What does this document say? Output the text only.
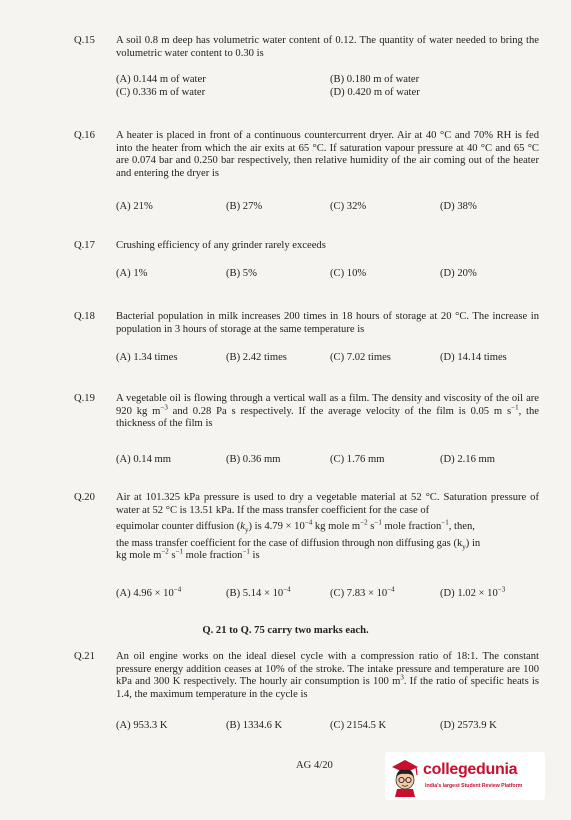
Q.15	A soil 0.8 m deep has volumetric water content of 0.12. The quantity of water needed to bring the volumetric water content to 0.30 is
(A) 0.144 m of water	(B) 0.180 m of water
(C) 0.336 m of water	(D) 0.420 m of water
Q.16	A heater is placed in front of a continuous countercurrent dryer. Air at 40 °C and 70% RH is fed into the heater from which the air exits at 65 °C. If saturation vapour pressure at 40 °C and 65 °C are 0.074 bar and 0.250 bar respectively, then relative humidity of the air coming out of the heater and entering the dryer is
(A) 21%	(B) 27%	(C) 32%	(D) 38%
Q.17	Crushing efficiency of any grinder rarely exceeds
(A) 1%	(B) 5%	(C) 10%	(D) 20%
Q.18	Bacterial population in milk increases 200 times in 18 hours of storage at 20 °C. The increase in population in 3 hours of storage at the same temperature is
(A) 1.34 times	(B) 2.42 times	(C) 7.02 times	(D) 14.14 times
Q.19	A vegetable oil is flowing through a vertical wall as a film. The density and viscosity of the oil are 920 kg $m^{-3}$ and 0.28 Pa s respectively. If the average velocity of the film is 0.05 m $s^{-1}$, the thickness of the film is
(A) 0.14 mm	(B) 0.36 mm	(C) 1.76 mm	(D) 2.16 mm
Q.20	Air at 101.325 kPa pressure is used to dry a vegetable material at 52 °C. Saturation pressure of water at 52 °C is 13.51 kPa. If the mass transfer coefficient for the case of
equimolar counter diffusion $(k_y)$ is $4.79 \times 10^{-4}$ kg mole $m^{-2}$ $s^{-1}$ mole fraction$^{-1}$, then,
the mass transfer coefficient for the case of diffusion through non diffusing gas $(k_y)$ in
kg mole $m^{-2}$ $s^{-1}$ mole fraction$^{-1}$ is
(A) $4.96 \times 10^{-4}$	(B) $5.14 \times 10^{-4}$	(C) $7.83 \times 10^{-4}$	(D) $1.02 \times 10^{-3}$
Q. 21 to Q. 75 carry two marks each.
Q.21	An oil engine works on the ideal diesel cycle with a compression ratio of 18:1. The constant pressure energy addition ceases at 10% of the stroke. The intake pressure and temperature are 100 kPa and 300 K respectively. The hourly air consumption is 100 $m^3$. If the ratio of specific heats is 1.4, the maximum temperature in the cycle is
(A) 953.3 K	(B) 1334.6 K	(C) 2154.5 K	(D) 2573.9 K
AG 4/20	collegedunia
India's largest Student Review Platform
